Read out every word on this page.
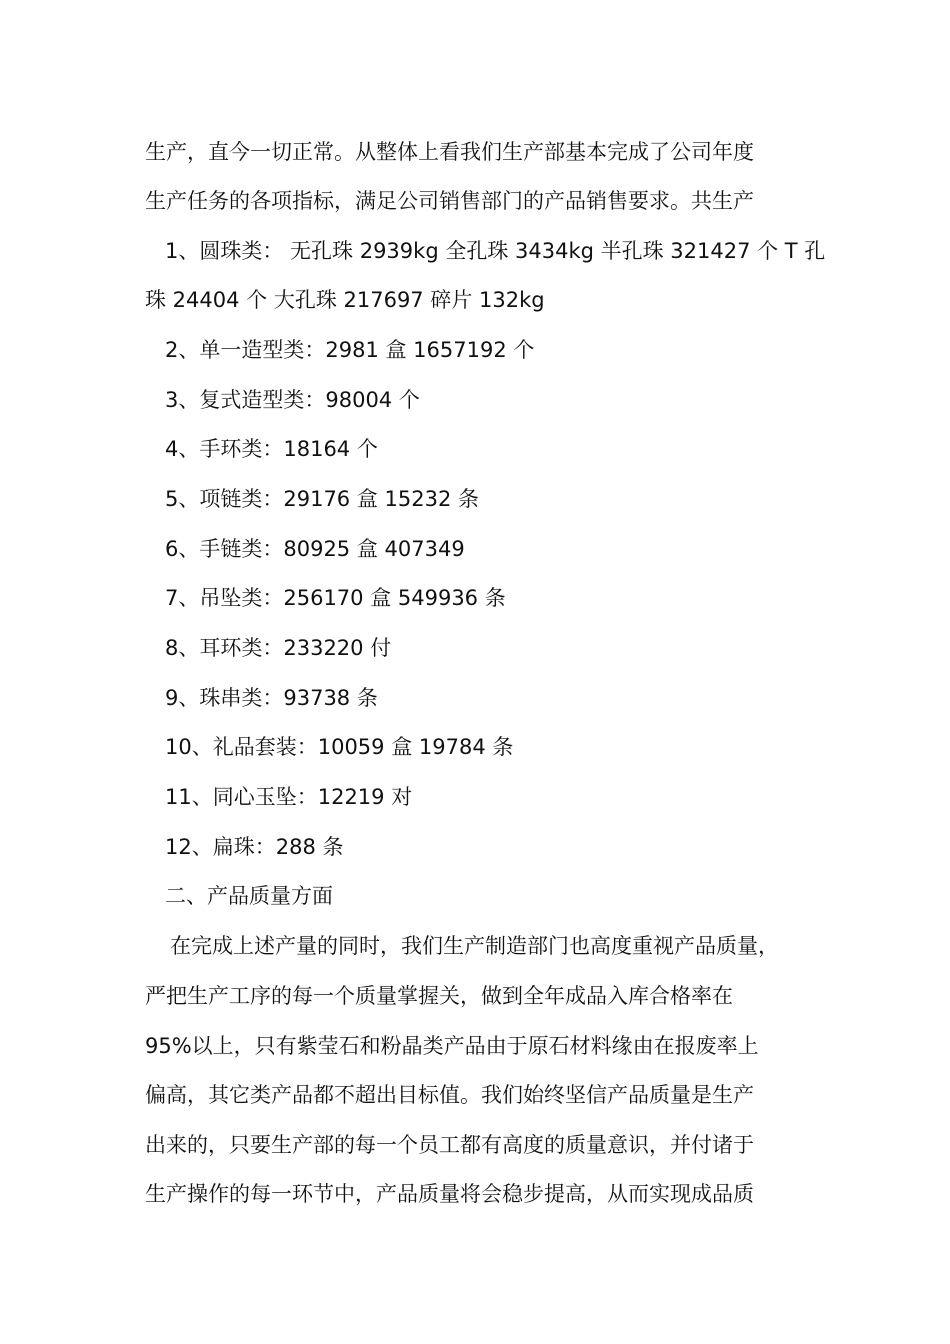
生产，直今一切正常。从整体上看我们生产部基本完成了公司年度
生产任务的各项指标，满足公司销售部门的产品销售要求。共生产
1、圆珠类： 无孔珠 2939kg 全孔珠 3434kg 半孔珠 321427 个 T 孔
珠 24404 个 大孔珠 217697 碎片 132kg
2、单一造型类：2981 盒 1657192 个
3、复式造型类：98004 个
4、手环类：18164 个
5、项链类：29176 盒 15232 条
6、手链类：80925 盒 407349
7、吊坠类：256170 盒 549936 条
8、耳环类：233220 付
9、珠串类：93738 条
10、礼品套装：10059 盒 19784 条
11、同心玉坠：12219 对
12、扁珠：288 条
二、产品质量方面
在完成上述产量的同时，我们生产制造部门也高度重视产品质量，
严把生产工序的每一个质量掌握关，做到全年成品入库合格率在
95%以上，只有紫莹石和粉晶类产品由于原石材料缘由在报废率上
偏高，其它类产品都不超出目标值。我们始终坚信产品质量是生产
出来的，只要生产部的每一个员工都有高度的质量意识，并付诸于
生产操作的每一环节中，产品质量将会稳步提高，从而实现成品质
